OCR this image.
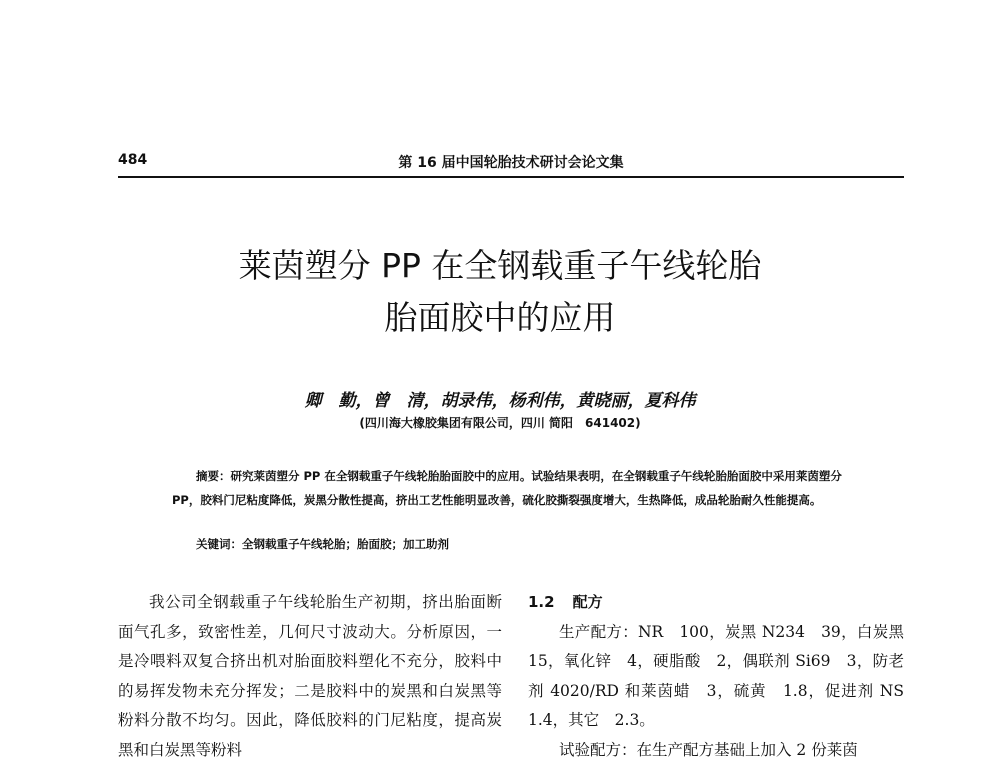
484	第 16 届中国轮胎技术研讨会论文集
莱茵塑分 PP 在全钢载重子午线轮胎
胎面胶中的应用
卿　勤，曾　清，胡录伟，杨利伟，黄晓丽，夏科伟
(四川海大橡胶集团有限公司，四川 简阳　641402)

摘要：研究莱茵塑分 PP 在全钢载重子午线轮胎胎面胶中的应用。试验结果表明，在全钢载重子午线轮胎胎面胶中采用莱茵塑分 PP，胶料门尼粘度降低，炭黑分散性提高，挤出工艺性能明显改善，硫化胶撕裂强度增大，生热降低，成品轮胎耐久性能提高。

关键词：全钢载重子午线轮胎；胎面胶；加工助剂

我公司全钢载重子午线轮胎生产初期，挤出胎面断面气孔多，致密性差，几何尺寸波动大。分析原因，一是冷喂料双复合挤出机对胎面胶料塑化不充分，胶料中的易挥发物未充分挥发；二是胶料中的炭黑和白炭黑等粉料分散不均匀。因此，降低胶料的门尼粘度，提高炭黑和白炭黑等粉料

1.2 配方

生产配方：NR　100，炭黑 N234　39，白炭黑 15，氧化锌　4，硬脂酸　2，偶联剂 Si69　3，防老剂 4020/RD 和莱茵蜡　3，硫黄　1.8，促进剂 NS　1.4，其它　2.3。

试验配方：在生产配方基础上加入 2 份莱茵
